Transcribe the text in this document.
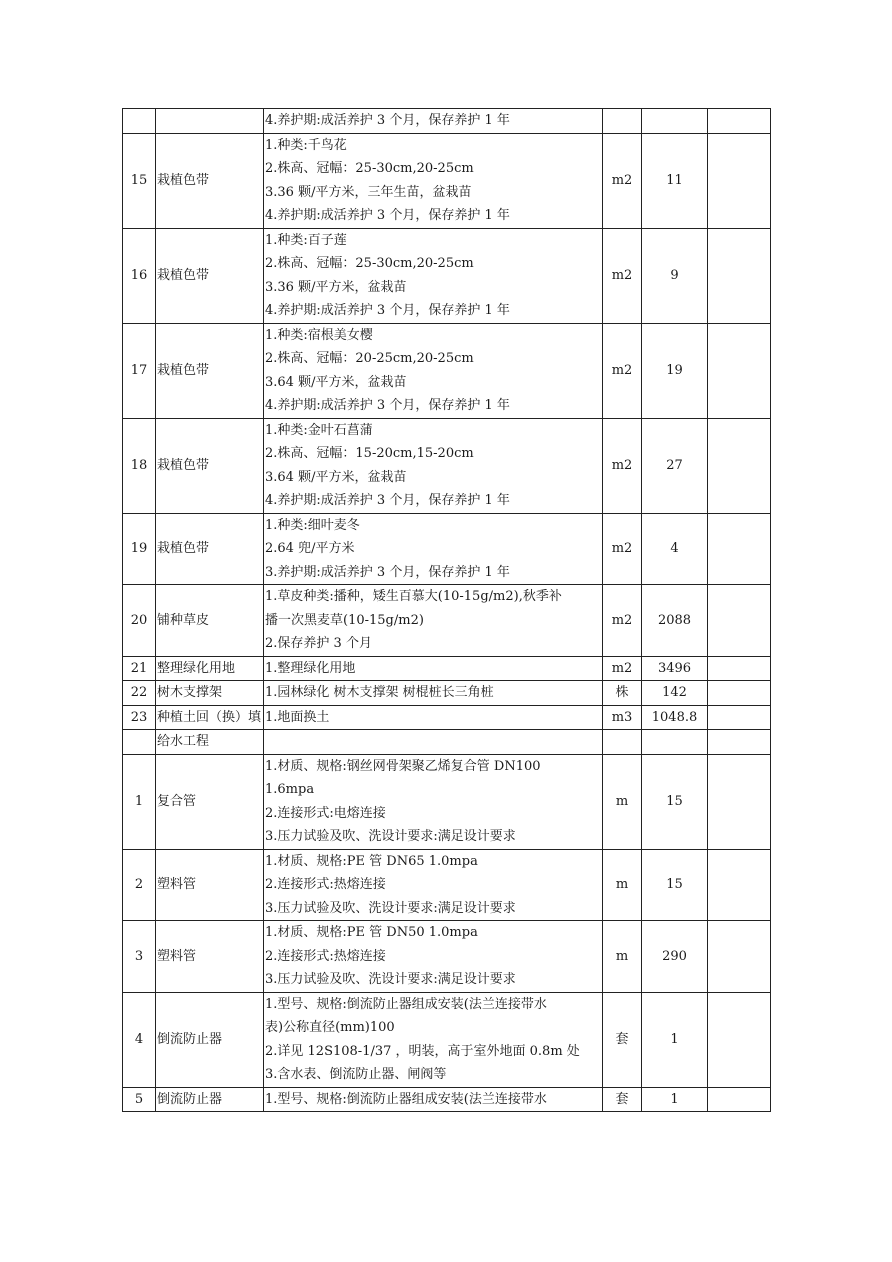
		4.养护期:成活养护 3 个月，保存养护 1 年			

15	栽植色带	1.种类:千鸟花
2.株高、冠幅：25-30cm,20-25cm
3.36 颗/平方米，三年生苗，盆栽苗
4.养护期:成活养护 3 个月，保存养护 1 年	m2	11	
16	栽植色带	1.种类:百子莲
2.株高、冠幅：25-30cm,20-25cm
3.36 颗/平方米，盆栽苗
4.养护期:成活养护 3 个月，保存养护 1 年	m2	9	
17	栽植色带	1.种类:宿根美女樱
2.株高、冠幅：20-25cm,20-25cm
3.64 颗/平方米，盆栽苗
4.养护期:成活养护 3 个月，保存养护 1 年	m2	19	
18	栽植色带	1.种类:金叶石菖蒲
2.株高、冠幅：15-20cm,15-20cm
3.64 颗/平方米，盆栽苗
4.养护期:成活养护 3 个月，保存养护 1 年	m2	27	
19	栽植色带	1.种类:细叶麦冬
2.64 兜/平方米
3.养护期:成活养护 3 个月，保存养护 1 年	m2	4	
20	铺种草皮	1.草皮种类:播种，矮生百慕大(10-15g/m2),秋季补
播一次黑麦草(10-15g/m2)
2.保存养护 3 个月	m2	2088	
21	整理绿化用地	1.整理绿化用地	m2	3496	
22	树木支撑架	1.园林绿化 树木支撑架 树棍桩长三角桩	株	142	
23	种植土回（换）填	1.地面换土	m3	1048.8	
	给水工程	

1	复合管	1.材质、规格:钢丝网骨架聚乙烯复合管 DN100
1.6mpa
2.连接形式:电熔连接
3.压力试验及吹、洗设计要求:满足设计要求	m	15	
2	塑料管	1.材质、规格:PE 管 DN65 1.0mpa
2.连接形式:热熔连接
3.压力试验及吹、洗设计要求:满足设计要求	m	15	
3	塑料管	1.材质、规格:PE 管 DN50 1.0mpa
2.连接形式:热熔连接
3.压力试验及吹、洗设计要求:满足设计要求	m	290	
4	倒流防止器	1.型号、规格:倒流防止器组成安装(法兰连接带水
表)公称直径(mm)100
2.详见 12S108-1/37 ，明装，高于室外地面 0.8m 处
3.含水表、倒流防止器、闸阀等	套	1	
5	倒流防止器	1.型号、规格:倒流防止器组成安装(法兰连接带水	套	1	
